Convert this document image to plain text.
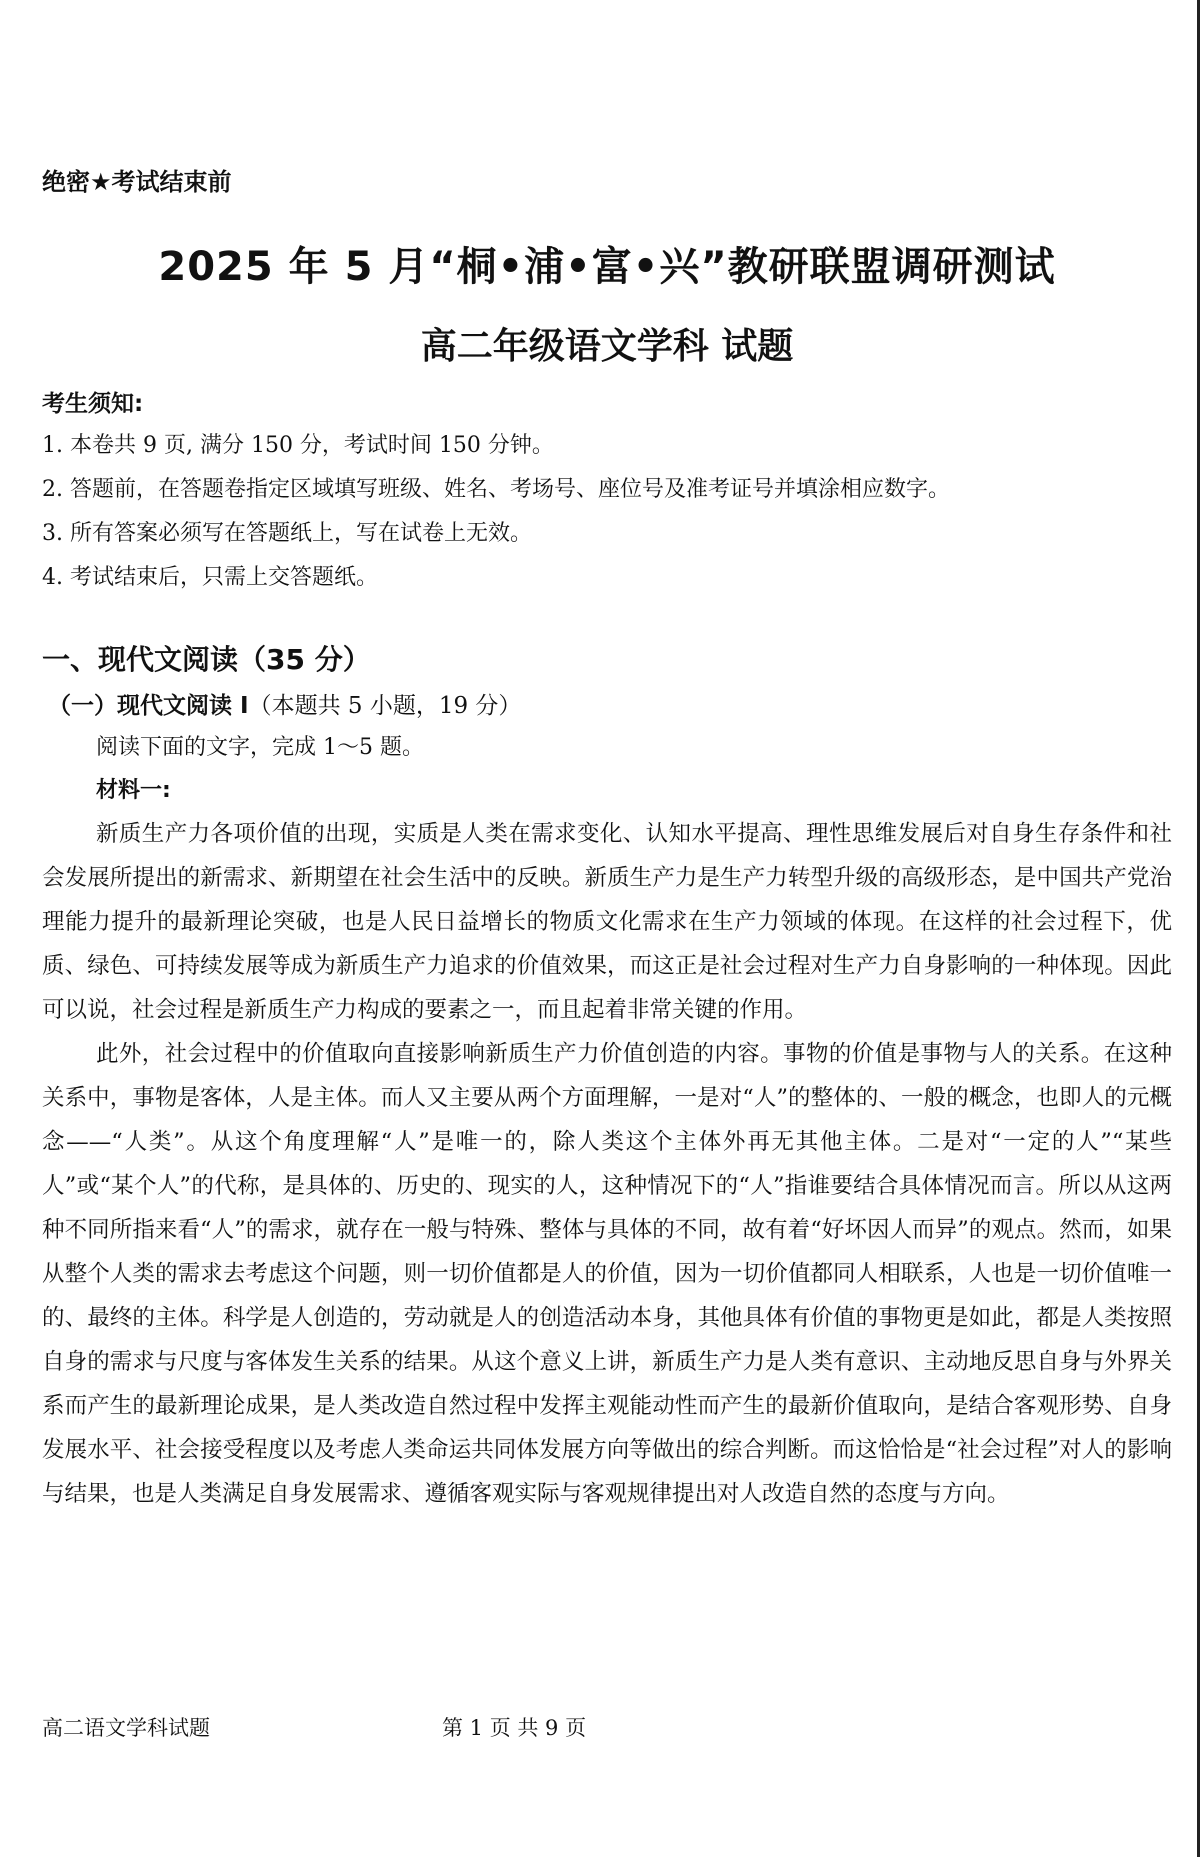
绝密★考试结束前
2025 年 5 月“桐•浦•富•兴”教研联盟调研测试
高二年级语文学科 试题
考生须知:
1. 本卷共 9 页, 满分 150 分，考试时间 150 分钟。
2. 答题前，在答题卷指定区域填写班级、姓名、考场号、座位号及准考证号并填涂相应数字。
3. 所有答案必须写在答题纸上，写在试卷上无效。
4. 考试结束后，只需上交答题纸。
一、现代文阅读（35 分）
（一）现代文阅读 I（本题共 5 小题，19 分）
阅读下面的文字，完成 1～5 题。
材料一:

新质生产力各项价值的出现，实质是人类在需求变化、认知水平提高、理性思维发展后对自身生存条件和社会发展所提出的新需求、新期望在社会生活中的反映。新质生产力是生产力转型升级的高级形态，是中国共产党治理能力提升的最新理论突破，也是人民日益增长的物质文化需求在生产力领域的体现。在这样的社会过程下，优质、绿色、可持续发展等成为新质生产力追求的价值效果，而这正是社会过程对生产力自身影响的一种体现。因此可以说，社会过程是新质生产力构成的要素之一，而且起着非常关键的作用。

此外，社会过程中的价值取向直接影响新质生产力价值创造的内容。事物的价值是事物与人的关系。在这种关系中，事物是客体，人是主体。而人又主要从两个方面理解，一是对“人”的整体的、一般的概念，也即人的元概念——“人类”。从这个角度理解“人”是唯一的，除人类这个主体外再无其他主体。二是对“一定的人”“某些人”或“某个人”的代称，是具体的、历史的、现实的人，这种情况下的“人”指谁要结合具体情况而言。所以从这两种不同所指来看“人”的需求，就存在一般与特殊、整体与具体的不同，故有着“好坏因人而异”的观点。然而，如果从整个人类的需求去考虑这个问题，则一切价值都是人的价值，因为一切价值都同人相联系，人也是一切价值唯一的、最终的主体。科学是人创造的，劳动就是人的创造活动本身，其他具体有价值的事物更是如此，都是人类按照自身的需求与尺度与客体发生关系的结果。从这个意义上讲，新质生产力是人类有意识、主动地反思自身与外界关系而产生的最新理论成果，是人类改造自然过程中发挥主观能动性而产生的最新价值取向，是结合客观形势、自身发展水平、社会接受程度以及考虑人类命运共同体发展方向等做出的综合判断。而这恰恰是“社会过程”对人的影响与结果，也是人类满足自身发展需求、遵循客观实际与客观规律提出对人改造自然的态度与方向。

高二语文学科试题	第 1 页 共 9 页
